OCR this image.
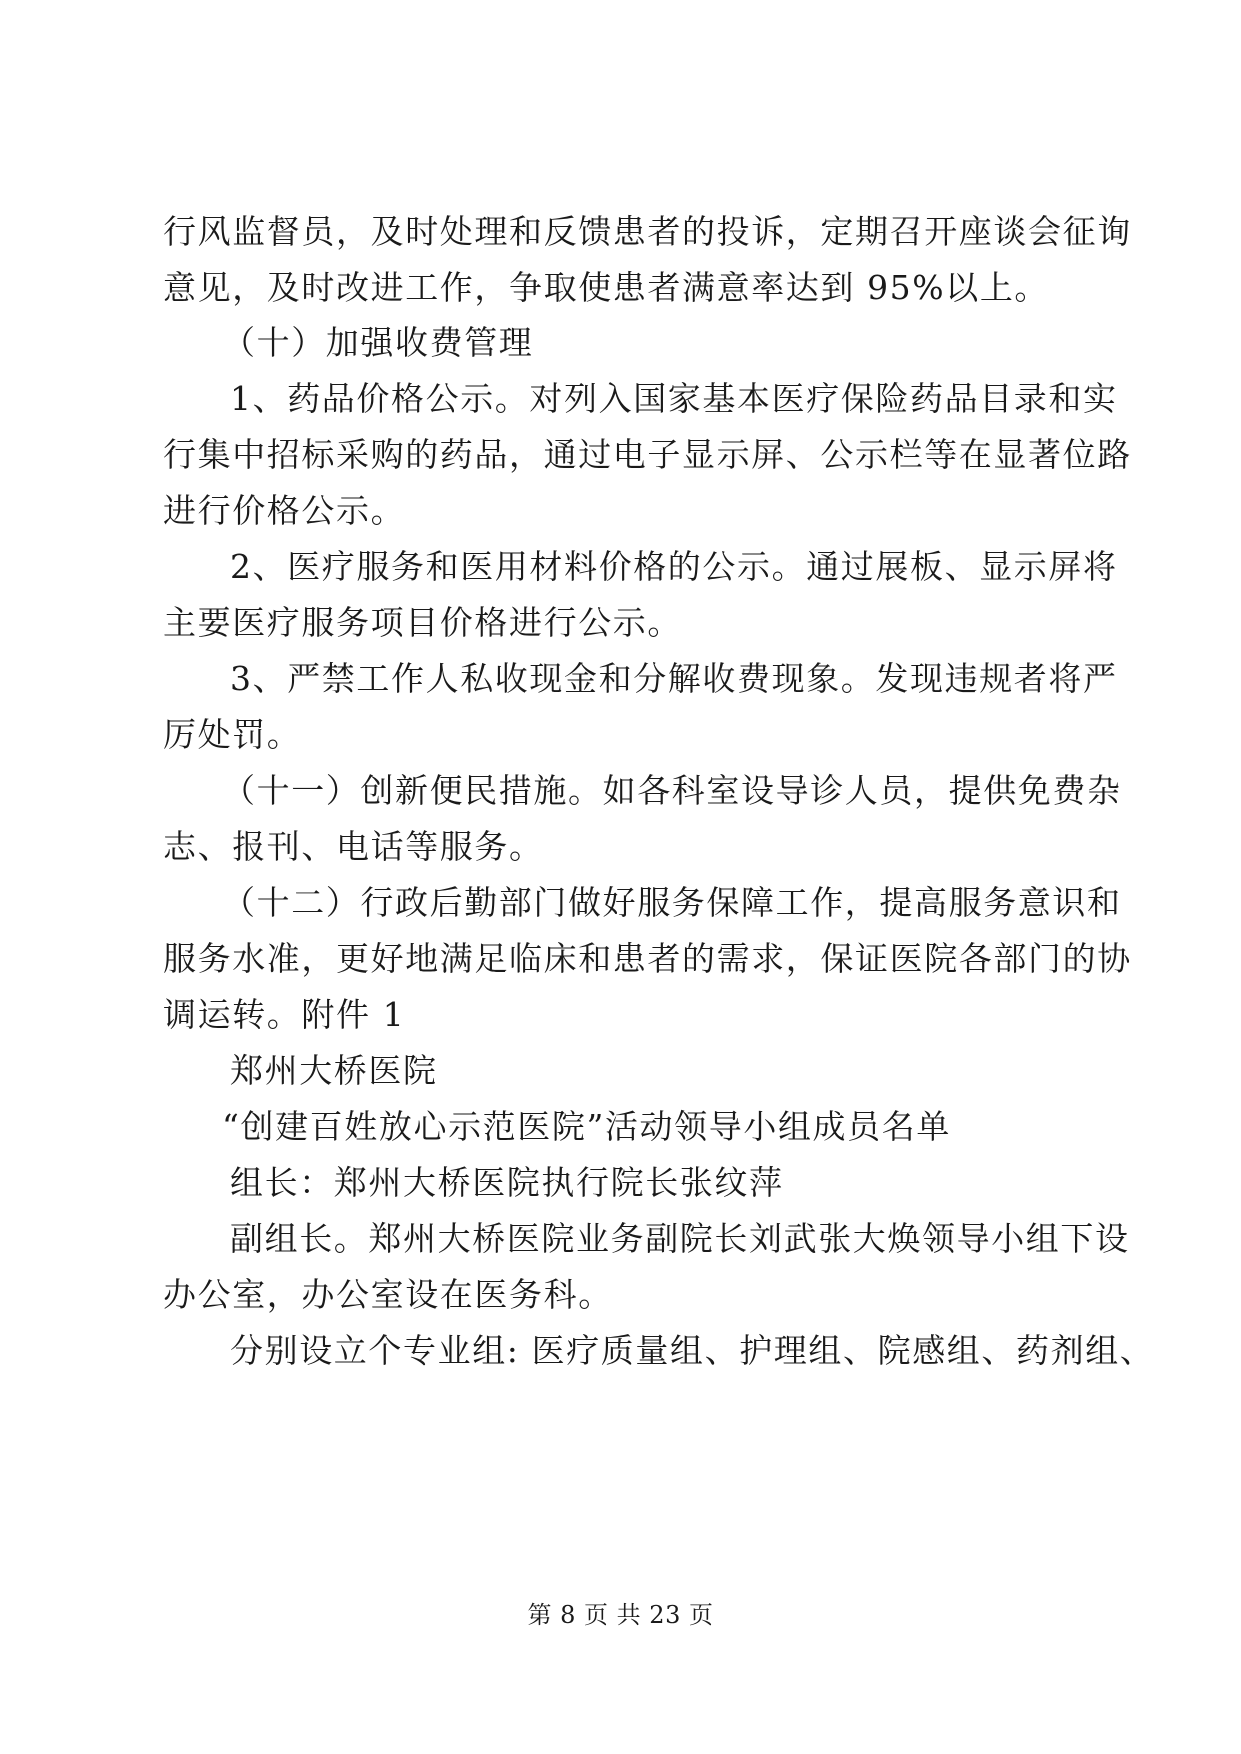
行风监督员，及时处理和反馈患者的投诉，定期召开座谈会征询
意见，及时改进工作，争取使患者满意率达到 95%以上。
（十）加强收费管理
1、药品价格公示。对列入国家基本医疗保险药品目录和实
行集中招标采购的药品，通过电子显示屏、公示栏等在显著位路
进行价格公示。
2、医疗服务和医用材料价格的公示。通过展板、显示屏将
主要医疗服务项目价格进行公示。
3、严禁工作人私收现金和分解收费现象。发现违规者将严
厉处罚。
（十一）创新便民措施。如各科室设导诊人员，提供免费杂
志、报刊、电话等服务。
（十二）行政后勤部门做好服务保障工作，提高服务意识和
服务水准，更好地满足临床和患者的需求，保证医院各部门的协
调运转。附件 1
郑州大桥医院
“创建百姓放心示范医院”活动领导小组成员名单
组长：郑州大桥医院执行院长张纹萍
副组长。郑州大桥医院业务副院长刘武张大焕领导小组下设
办公室，办公室设在医务科。
分别设立个专业组: 医疗质量组、护理组、院感组、药剂组、
第 8 页 共 23 页
